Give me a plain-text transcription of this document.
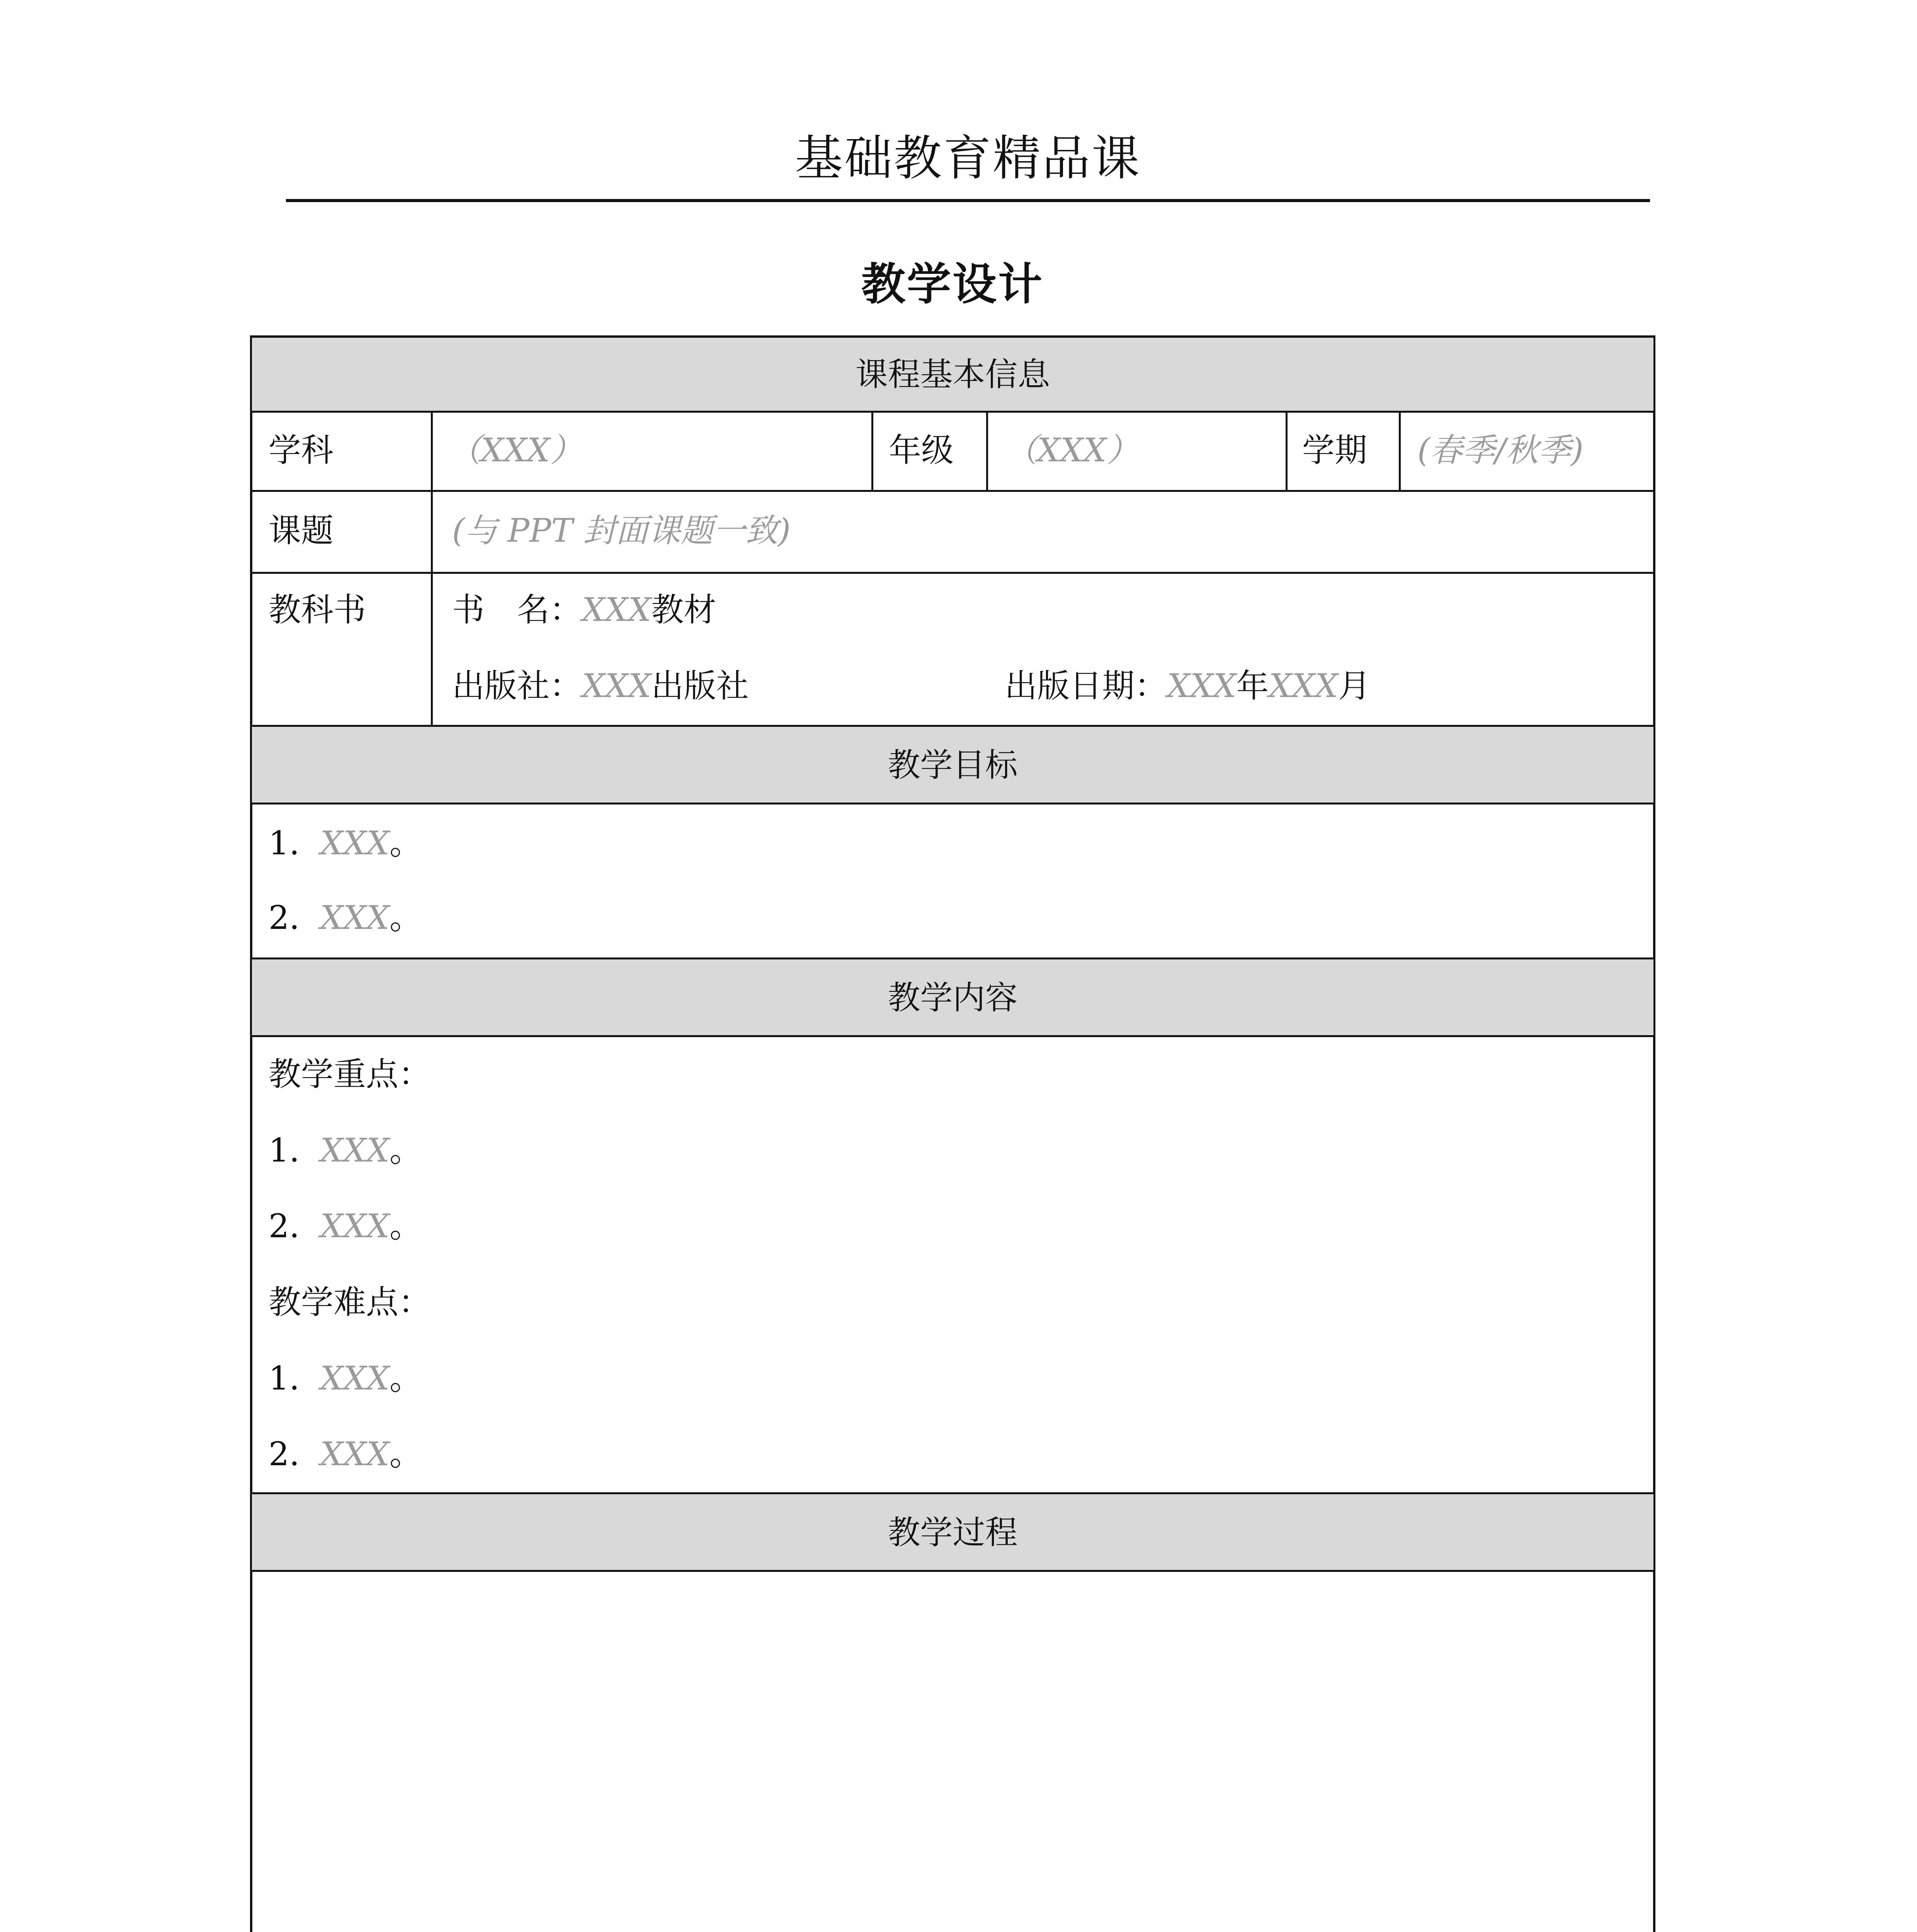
基础教育精品课
教学设计
课程基本信息
学科	（XXX）	年级 （XXX）	学期 (春季/秋季)
课题	(与 PPT 封面课题一致)
教科书	书　名：XXX教材
出版社：XXX出版社	出版日期：XXX年XXX月
教学目标
1. XXX。
2. XXX。
教学内容
教学重点：
1. XXX。
2. XXX。
教学难点：
1. XXX。
2. XXX。
教学过程
